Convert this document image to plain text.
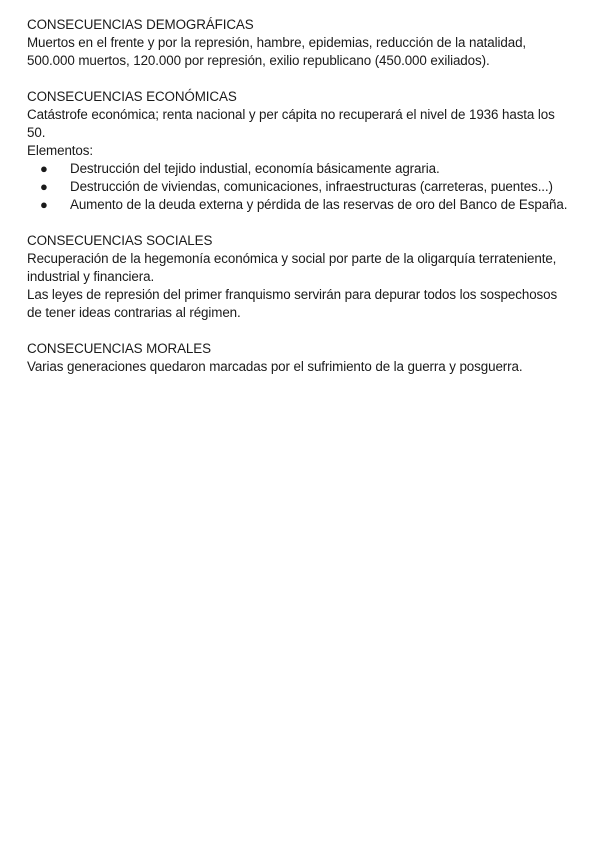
CONSECUENCIAS DEMOGRÁFICAS

Muertos en el frente y por la represión, hambre, epidemias, reducción de la natalidad, 500.000 muertos, 120.000 por represión, exilio republicano (450.000 exiliados).

CONSECUENCIAS ECONÓMICAS

Catástrofe económica; renta nacional y per cápita no recuperará el nivel de 1936 hasta los 50.

Elementos:

● Destrucción del tejido industial, economía básicamente agraria.
● Destrucción de viviendas, comunicaciones, infraestructuras (carreteras, puentes...)
● Aumento de la deuda externa y pérdida de las reservas de oro del Banco de España.

CONSECUENCIAS SOCIALES

Recuperación de la hegemonía económica y social por parte de la oligarquía terrateniente, industrial y financiera.

Las leyes de represión del primer franquismo servirán para depurar todos los sospechosos de tener ideas contrarias al régimen.

CONSECUENCIAS MORALES

Varias generaciones quedaron marcadas por el sufrimiento de la guerra y posguerra.
